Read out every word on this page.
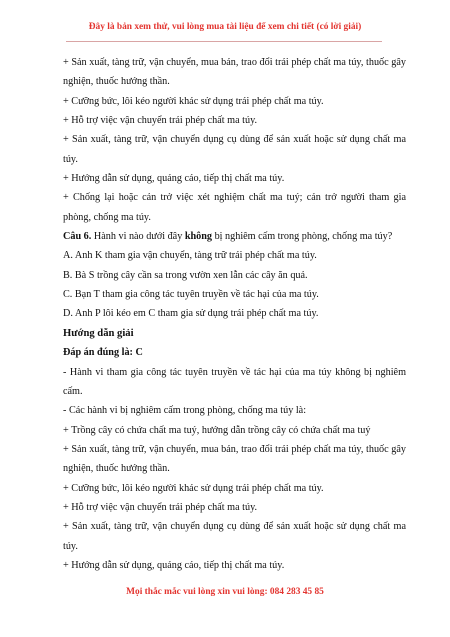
Đây là bản xem thử, vui lòng mua tài liệu để xem chi tiết (có lời giải)

+ Sản xuất, tàng trữ, vận chuyển, mua bán, trao đổi trái phép chất ma túy, thuốc gây nghiện, thuốc hướng thần.

+ Cưỡng bức, lôi kéo người khác sử dụng trái phép chất ma túy.

+ Hỗ trợ việc vận chuyển trái phép chất ma túy.

+ Sản xuất, tàng trữ, vận chuyển dụng cụ dùng để sản xuất hoặc sử dụng chất ma túy.

+ Hướng dẫn sử dụng, quảng cáo, tiếp thị chất ma túy.

+ Chống lại hoặc cản trở việc xét nghiệm chất ma tuý; cản trở người tham gia phòng, chống ma túy.

Câu 6. Hành vi nào dưới đây không bị nghiêm cấm trong phòng, chống ma túy?

A. Anh K tham gia vận chuyển, tàng trữ trái phép chất ma túy.

B. Bà S trồng cây cần sa trong vườn xen lẫn các cây ăn quả.

C. Bạn T tham gia công tác tuyên truyền về tác hại của ma túy.

D. Anh P lôi kéo em C tham gia sử dụng trái phép chất ma túy.

Hướng dẫn giải

Đáp án đúng là: C

- Hành vi tham gia công tác tuyên truyền về tác hại của ma túy không bị nghiêm cấm.

- Các hành vi bị nghiêm cấm trong phòng, chống ma túy là:

+ Trồng cây có chứa chất ma tuý, hướng dẫn trồng cây có chứa chất ma tuý

+ Sản xuất, tàng trữ, vận chuyển, mua bán, trao đổi trái phép chất ma túy, thuốc gây nghiện, thuốc hướng thần.

+ Cưỡng bức, lôi kéo người khác sử dụng trái phép chất ma túy.

+ Hỗ trợ việc vận chuyển trái phép chất ma túy.

+ Sản xuất, tàng trữ, vận chuyển dụng cụ dùng để sản xuất hoặc sử dụng chất ma túy.

+ Hướng dẫn sử dụng, quảng cáo, tiếp thị chất ma túy.

Mọi thắc mắc vui lòng xin vui lòng: 084 283 45 85
